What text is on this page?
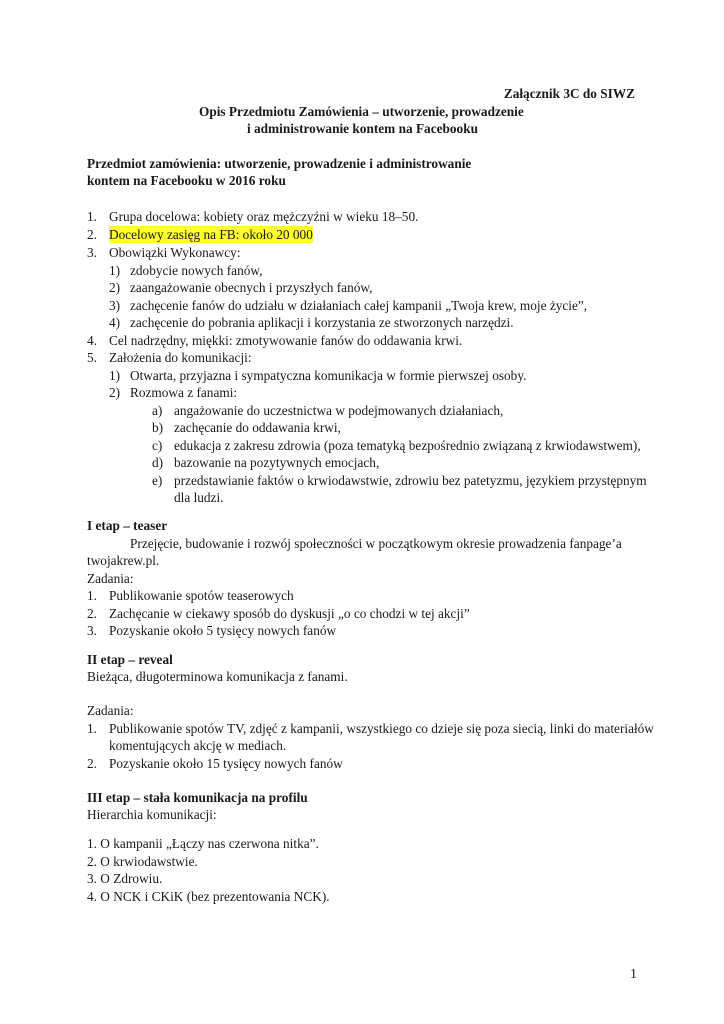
Załącznik 3C do SIWZ
Opis Przedmiotu Zamówienia – utworzenie, prowadzenie
i administrowanie kontem na Facebooku
Przedmiot zamówienia: utworzenie, prowadzenie i administrowanie
kontem na Facebooku w 2016 roku
1. Grupa docelowa: kobiety oraz mężczyźni w wieku 18–50.
2. Docelowy zasięg na FB: około 20 000
3. Obowiązki Wykonawcy:
1) zdobycie nowych fanów,
2) zaangażowanie obecnych i przyszłych fanów,
3) zachęcenie fanów do udziału w działaniach całej kampanii „Twoja krew, moje życie”,
4) zachęcenie do pobrania aplikacji i korzystania ze stworzonych narzędzi.
4. Cel nadrzędny, miękki: zmotywowanie fanów do oddawania krwi.
5. Założenia do komunikacji:
1) Otwarta, przyjazna i sympatyczna komunikacja w formie pierwszej osoby.
2) Rozmowa z fanami:
a) angażowanie do uczestnictwa w podejmowanych działaniach,
b) zachęcanie do oddawania krwi,
c) edukacja z zakresu zdrowia (poza tematyką bezpośrednio związaną z krwiodawstwem),
d) bazowanie na pozytywnych emocjach,
e) przedstawianie faktów o krwiodawstwie, zdrowiu bez patetyzmu, językiem przystępnym
dla ludzi.
I etap – teaser
Przejęcie, budowanie i rozwój społeczności w początkowym okresie prowadzenia fanpage’a
twojakrew.pl.
Zadania:
1. Publikowanie spotów teaserowych
2. Zachęcanie w ciekawy sposób do dyskusji „o co chodzi w tej akcji”
3. Pozyskanie około 5 tysięcy nowych fanów
II etap – reveal
Bieżąca, długoterminowa komunikacja z fanami.
Zadania:
1. Publikowanie spotów TV, zdjęć z kampanii, wszystkiego co dzieje się poza siecią, linki do materiałów
komentujących akcję w mediach.
2. Pozyskanie około 15 tysięcy nowych fanów
III etap – stała komunikacja na profilu
Hierarchia komunikacji:
1. O kampanii „Łączy nas czerwona nitka”.
2. O krwiodawstwie.
3. O Zdrowiu.
4. O NCK i CKiK (bez prezentowania NCK).
1
